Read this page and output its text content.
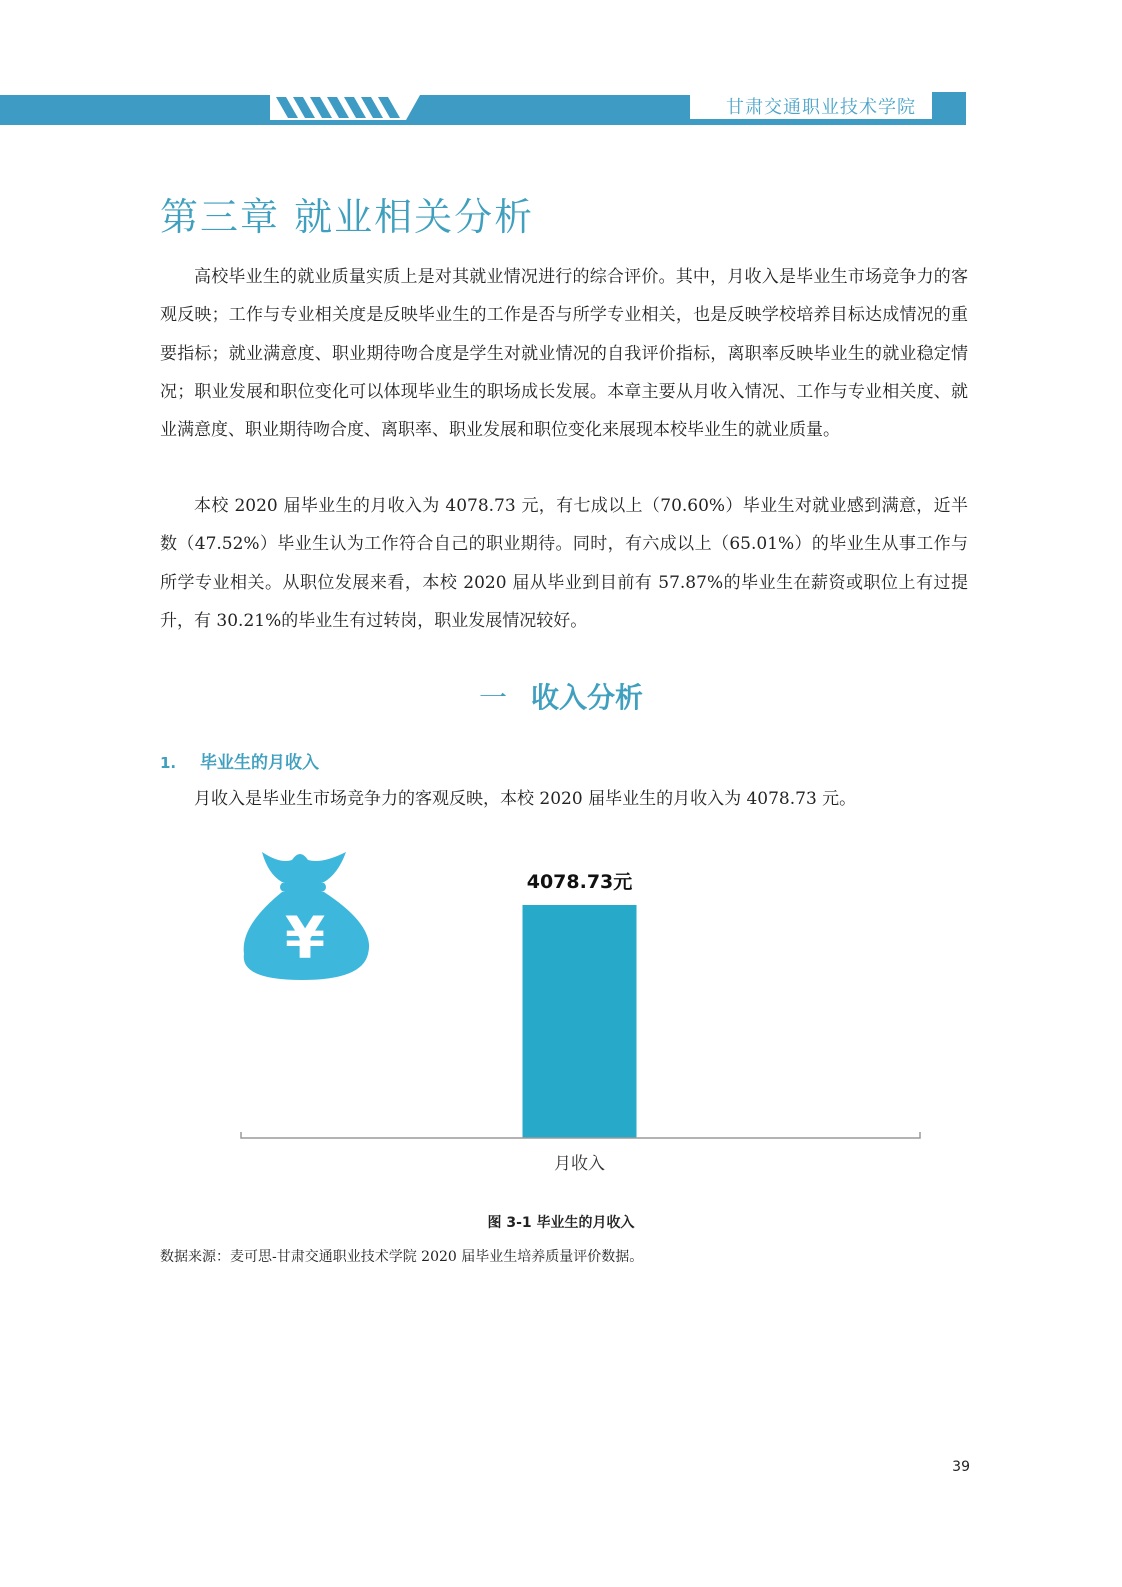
甘肃交通职业技术学院
第三章 就业相关分析

高校毕业生的就业质量实质上是对其就业情况进行的综合评价。其中，月收入是毕业生市场竞争力的客观反映；工作与专业相关度是反映毕业生的工作是否与所学专业相关，也是反映学校培养目标达成情况的重要指标；就业满意度、职业期待吻合度是学生对就业情况的自我评价指标，离职率反映毕业生的就业稳定情况；职业发展和职位变化可以体现毕业生的职场成长发展。本章主要从月收入情况、工作与专业相关度、就业满意度、职业期待吻合度、离职率、职业发展和职位变化来展现本校毕业生的就业质量。

本校 2020 届毕业生的月收入为 4078.73 元，有七成以上（70.60%）毕业生对就业感到满意，近半数（47.52%）毕业生认为工作符合自己的职业期待。同时，有六成以上（65.01%）的毕业生从事工作与所学专业相关。从职位发展来看，本校 2020 届从毕业到目前有 57.87%的毕业生在薪资或职位上有过提升，有 30.21%的毕业生有过转岗，职业发展情况较好。

一 收入分析
1. 毕业生的月收入

月收入是毕业生市场竞争力的客观反映，本校 2020 届毕业生的月收入为 4078.73 元。

¥
4078.73元
月收入
图 3-1 毕业生的月收入
数据来源：麦可思-甘肃交通职业技术学院 2020 届毕业生培养质量评价数据。
39
